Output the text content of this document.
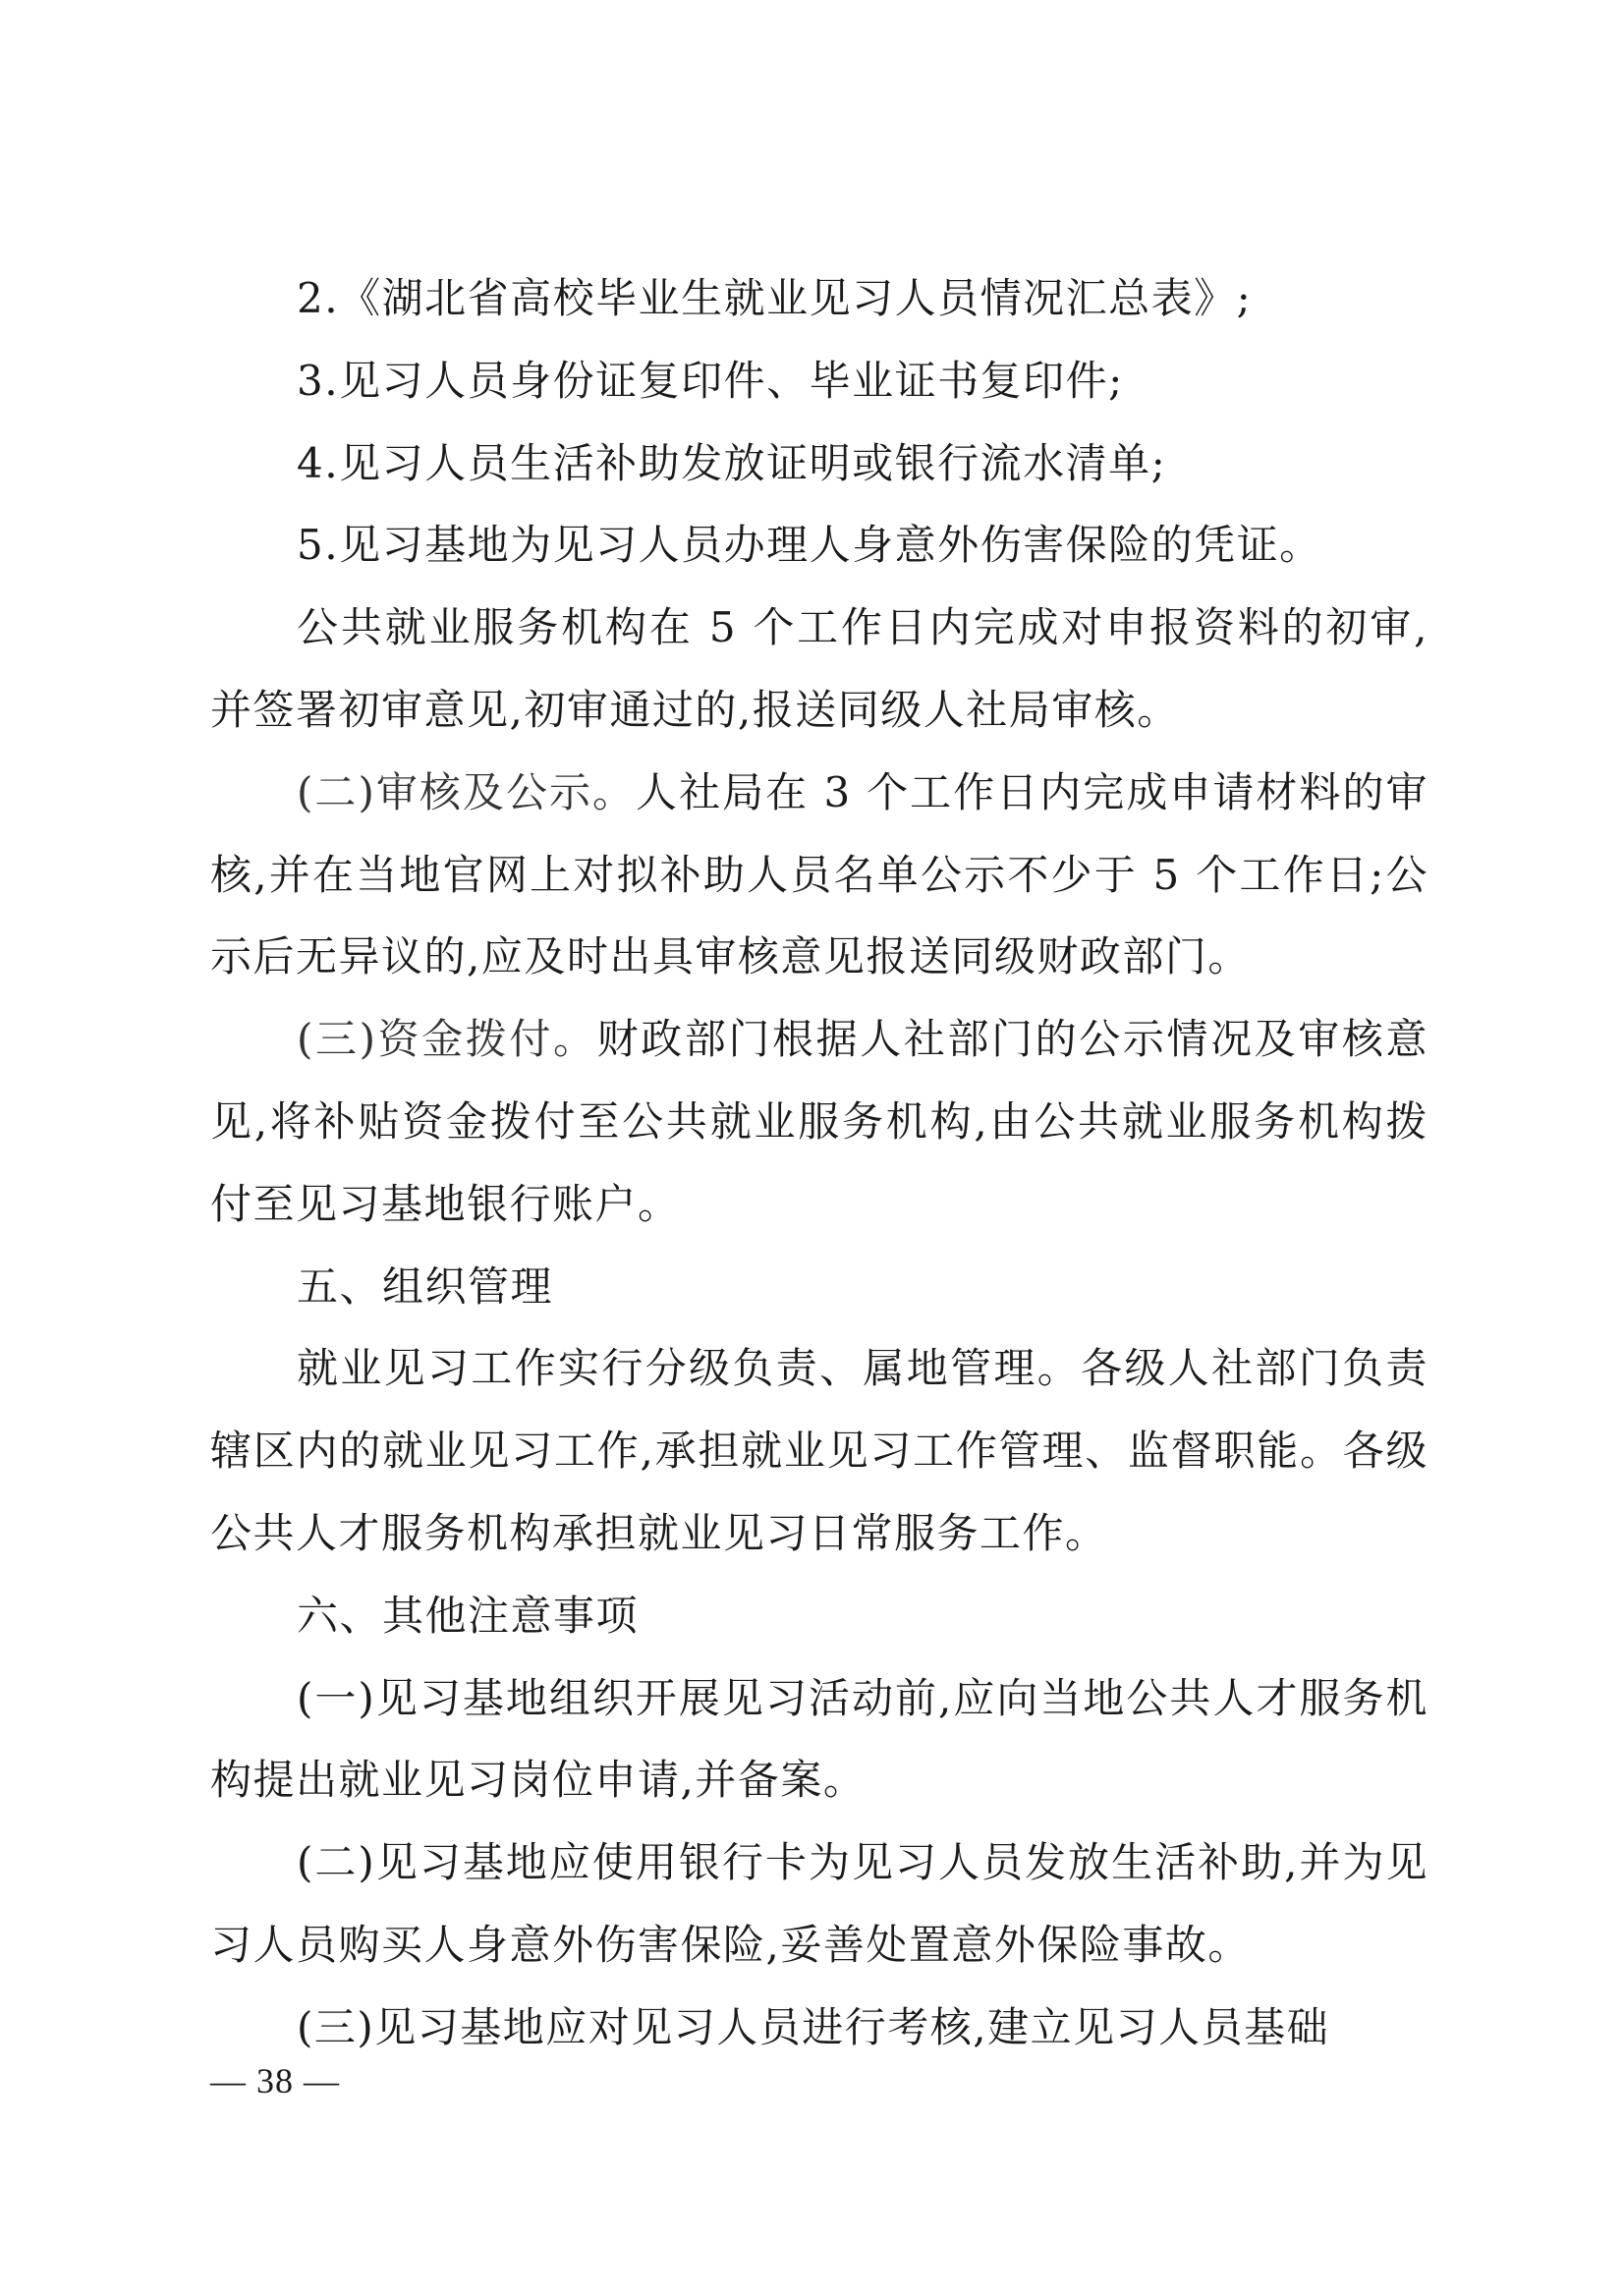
2.《湖北省高校毕业生就业见习人员情况汇总表》;

3.见习人员身份证复印件、毕业证书复印件;

4.见习人员生活补助发放证明或银行流水清单;

5.见习基地为见习人员办理人身意外伤害保险的凭证。

公共就业服务机构在 5 个工作日内完成对申报资料的初审,并签署初审意见,初审通过的,报送同级人社局审核。

(二)审核及公示。人社局在 3 个工作日内完成申请材料的审核,并在当地官网上对拟补助人员名单公示不少于 5 个工作日;公示后无异议的,应及时出具审核意见报送同级财政部门。

(三)资金拨付。财政部门根据人社部门的公示情况及审核意见,将补贴资金拨付至公共就业服务机构,由公共就业服务机构拨付至见习基地银行账户。

五、组织管理

就业见习工作实行分级负责、属地管理。各级人社部门负责辖区内的就业见习工作,承担就业见习工作管理、监督职能。各级公共人才服务机构承担就业见习日常服务工作。

六、其他注意事项

(一)见习基地组织开展见习活动前,应向当地公共人才服务机构提出就业见习岗位申请,并备案。

(二)见习基地应使用银行卡为见习人员发放生活补助,并为见习人员购买人身意外伤害保险,妥善处置意外保险事故。

(三)见习基地应对见习人员进行考核,建立见习人员基础

— 38 —
